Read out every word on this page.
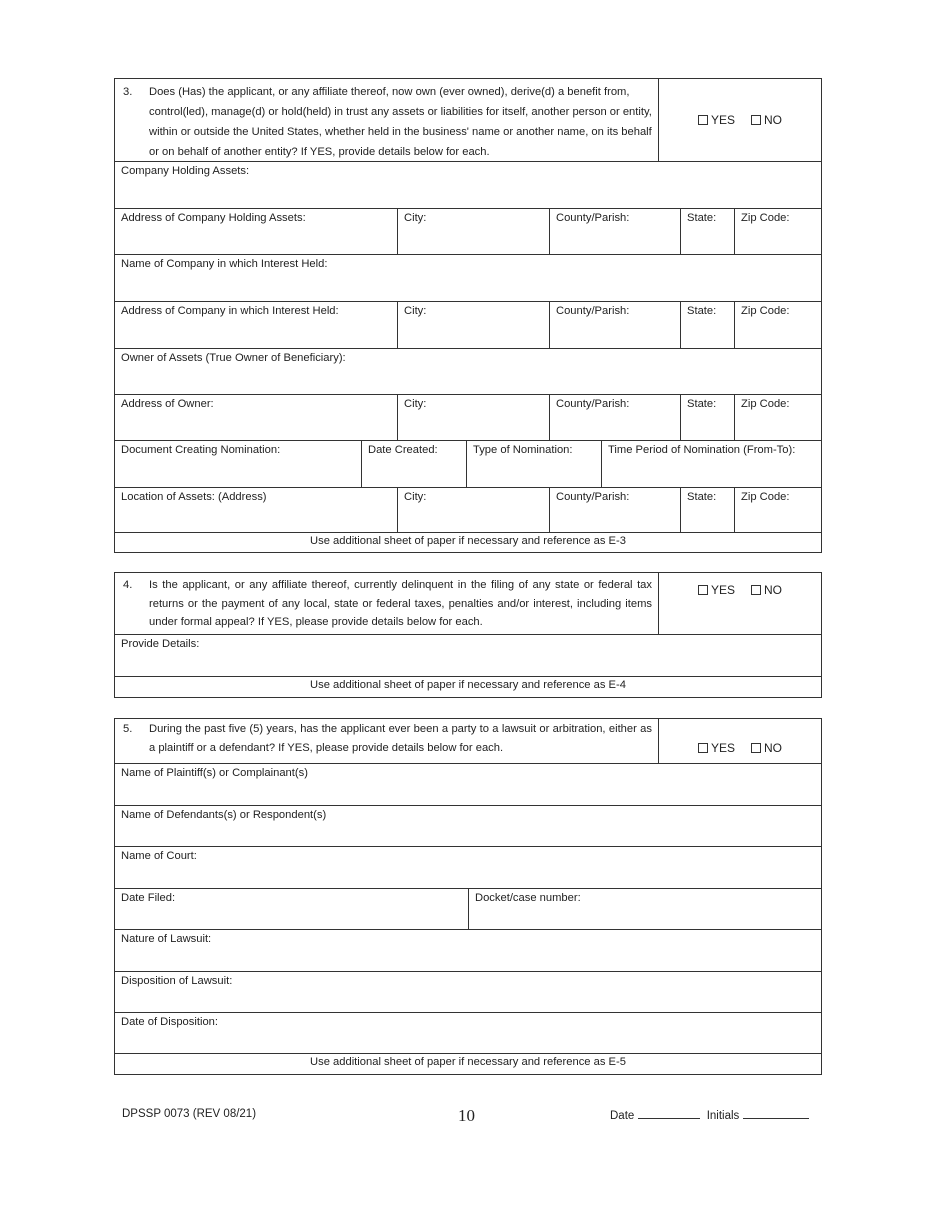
3.	Does (Has) the applicant, or any affiliate thereof, now own (ever owned), derive(d) a benefit from, control(led), manage(d) or hold(held) in trust any assets or liabilities for itself, another person or entity, within or outside the United States, whether held in the business' name or another name, on its behalf or on behalf of another entity? If YES, provide details below for each.
YES NO
Company Holding Assets:
Address of Company Holding Assets:	City:	County/Parish:	State:	Zip Code:
Name of Company in which Interest Held:
Address of Company in which Interest Held:	City:	County/Parish:	State:	Zip Code:
Owner of Assets (True Owner of Beneficiary):
Address of Owner:	City:	County/Parish:	State:	Zip Code:
Document Creating Nomination:	Date Created:	Type of Nomination:	Time Period of Nomination (From-To):
Location of Assets: (Address)	City:	County/Parish:	State:	Zip Code:
Use additional sheet of paper if necessary and reference as E-3
4.	Is the applicant, or any affiliate thereof, currently delinquent in the filing of any state or federal tax returns or the payment of any local, state or federal taxes, penalties and/or interest, including items under formal appeal? If YES, please provide details below for each.
YES NO
Provide Details:
Use additional sheet of paper if necessary and reference as E-4
5.	During the past five (5) years, has the applicant ever been a party to a lawsuit or arbitration, either as a plaintiff or a defendant? If YES, please provide details below for each.	YES NO
Name of Plaintiff(s) or Complainant(s)
Name of Defendants(s) or Respondent(s)
Name of Court:
Date Filed:	Docket/case number:
Nature of Lawsuit:
Disposition of Lawsuit:
Date of Disposition:
Use additional sheet of paper if necessary and reference as E-5
DPSSP 0073 (REV 08/21)	10	Date	Initials
